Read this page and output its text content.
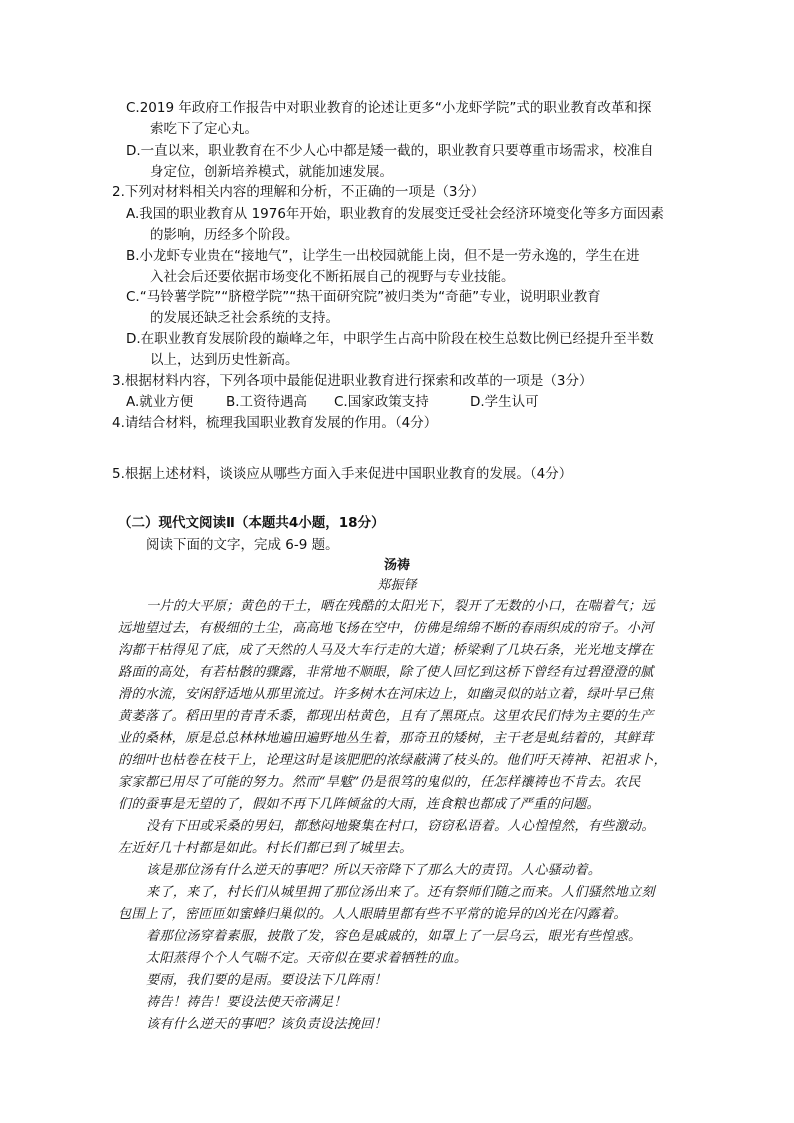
C.2019 年政府工作报告中对职业教育的论述让更多“小龙虾学院”式的职业教育改革和探
索吃下了定心丸。
D.一直以来，职业教育在不少人心中都是矮一截的，职业教育只要尊重市场需求，校准自
身定位，创新培养模式，就能加速发展。
2.下列对材料相关内容的理解和分析，不正确的一项是（3分）
A.我国的职业教育从 1976年开始，职业教育的发展变迁受社会经济环境变化等多方面因素
的影响，历经多个阶段。
B.小龙虾专业贵在“接地气”，让学生一出校园就能上岗，但不是一劳永逸的，学生在进
入社会后还要依据市场变化不断拓展自己的视野与专业技能。
C.“马铃薯学院”“脐橙学院”“热干面研究院”被归类为“奇葩”专业，说明职业教育
的发展还缺乏社会系统的支持。
D.在职业教育发展阶段的巅峰之年，中职学生占高中阶段在校生总数比例已经提升至半数
以上，达到历史性新高。
3.根据材料内容，下列各项中最能促进职业教育进行探索和改革的一项是（3分）
A.就业方便 B.工资待遇高 C.国家政策支持	D.学生认可
4.请结合材料，梳理我国职业教育发展的作用。（4分）
5.根据上述材料，谈谈应从哪些方面入手来促进中国职业教育的发展。（4分）
（二）现代文阅读Ⅱ（本题共4小题，18分）
阅读下面的文字，完成 6-9 题。
汤祷
郑振铎
一片的大平原；黄色的干土，晒在残酷的太阳光下，裂开了无数的小口，在喘着气；远
远地望过去，有极细的土尘，高高地飞扬在空中，仿佛是绵绵不断的春雨织成的帘子。小河
沟都干枯得见了底，成了天然的人马及大车行走的大道；桥梁剩了几块石条，光光地支撑在
路面的高处，有若枯骸的骤露，非常地不顺眼，除了使人回忆到这桥下曾经有过碧澄澄的腻
滑的水流，安闲舒适地从那里流过。许多树木在河床边上，如幽灵似的站立着，绿叶早已焦
黄萎落了。稻田里的青青禾黍，都现出枯黄色，且有了黑斑点。这里农民们恃为主要的生产
业的桑林，原是总总林林地遍田遍野地丛生着，那奇丑的矮树，主干老是虬结着的，其鲜茸
的细叶也枯卷在枝干上，论理这时是该肥肥的浓绿蔽满了枝头的。他们吁天祷神、祀祖求卜，
家家都已用尽了可能的努力。然而“旱魃”仍是很笃的鬼似的，任怎样禳祷也不肯去。农民
们的蚕事是无望的了，假如不再下几阵倾盆的大雨，连食粮也都成了严重的问题。
没有下田或采桑的男妇，都愁闷地聚集在村口，窃窃私语着。人心惶惶然，有些激动。
左近好几十村都是如此。村长们都已到了城里去。
该是那位汤有什么逆天的事吧？所以天帝降下了那么大的责罚。人心骚动着。
来了，来了，村长们从城里拥了那位汤出来了。还有祭师们随之而来。人们骚然地立刻
包围上了，密匝匝如蜜蜂归巢似的。人人眼睛里都有些不平常的诡异的凶光在闪露着。
着那位汤穿着素服，披散了发，容色是戚戚的，如罩上了一层乌云，眼光有些惶惑。
太阳蒸得个个人气喘不定。天帝似在要求着牺牲的血。
要雨，我们要的是雨。要设法下几阵雨！
祷告！祷告！要设法使天帝满足！
该有什么逆天的事吧？该负责设法挽回！
